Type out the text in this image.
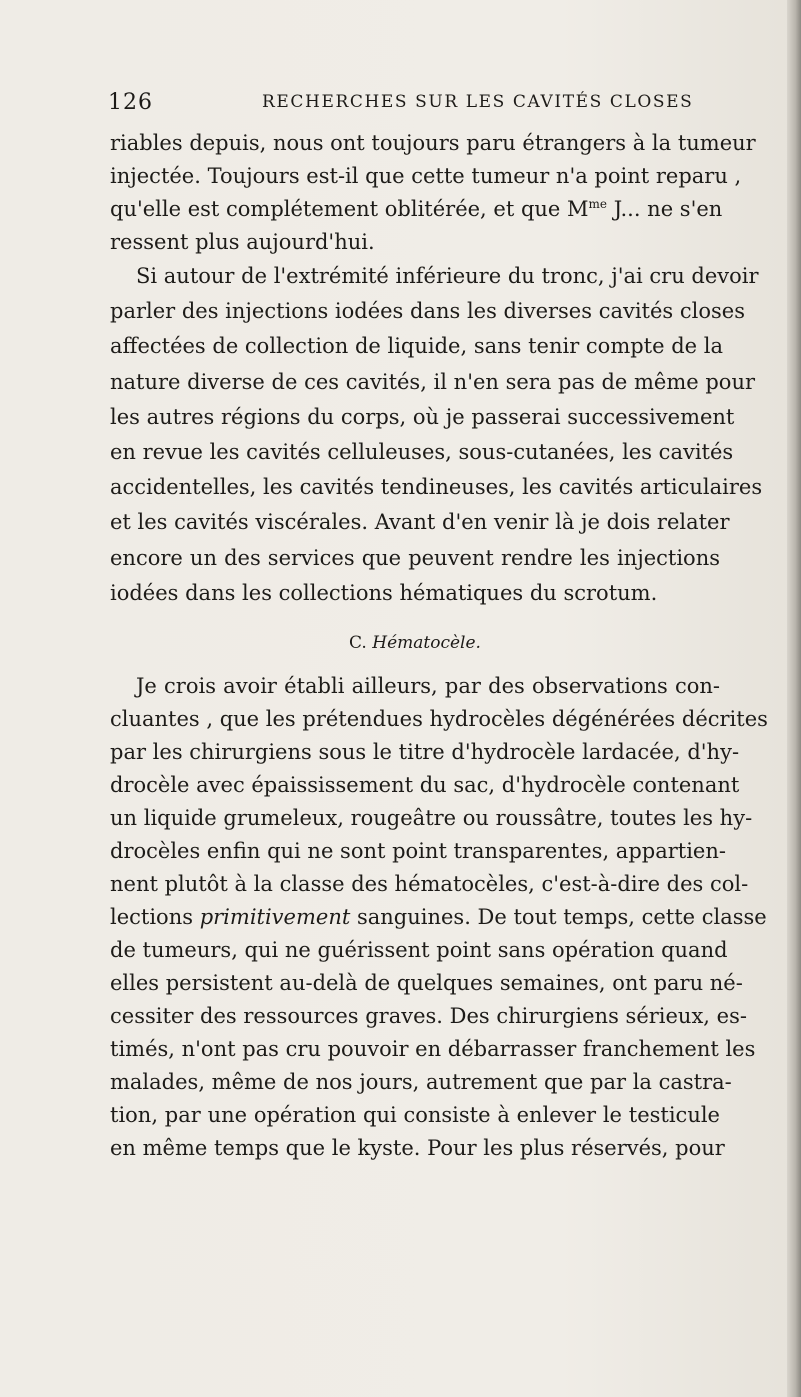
126	RECHERCHES SUR LES CAVITÉS CLOSES
riables depuis, nous ont toujours paru étrangers à la tumeur
injectée. Toujours est-il que cette tumeur n'a point reparu ,
qu'elle est complétement oblitérée, et que $M^{me}$ J... ne s'en
ressent plus aujourd'hui.
Si autour de l'extrémité inférieure du tronc, j'ai cru devoir
parler des injections iodées dans les diverses cavités closes
affectées de collection de liquide, sans tenir compte de la
nature diverse de ces cavités, il n'en sera pas de même pour
les autres régions du corps, où je passerai successivement
en revue les cavités celluleuses, sous-cutanées, les cavités
accidentelles, les cavités tendineuses, les cavités articulaires
et les cavités viscérales. Avant d'en venir là je dois relater
encore un des services que peuvent rendre les injections
iodées dans les collections hématiques du scrotum.
C. Hématocèle.
Je crois avoir établi ailleurs, par des observations con-
cluantes , que les prétendues hydrocèles dégénérées décrites
par les chirurgiens sous le titre d'hydrocèle lardacée, d'hy-
drocèle avec épaississement du sac, d'hydrocèle contenant
un liquide grumeleux, rougeâtre ou roussâtre, toutes les hy-
drocèles enfin qui ne sont point transparentes, appartien-
nent plutôt à la classe des hématocèles, c'est-à-dire des col-
lections primitivement sanguines. De tout temps, cette classe
de tumeurs, qui ne guérissent point sans opération quand
elles persistent au-delà de quelques semaines, ont paru né-
cessiter des ressources graves. Des chirurgiens sérieux, es-
timés, n'ont pas cru pouvoir en débarrasser franchement les
malades, même de nos jours, autrement que par la castra-
tion, par une opération qui consiste à enlever le testicule
en même temps que le kyste. Pour les plus réservés, pour
